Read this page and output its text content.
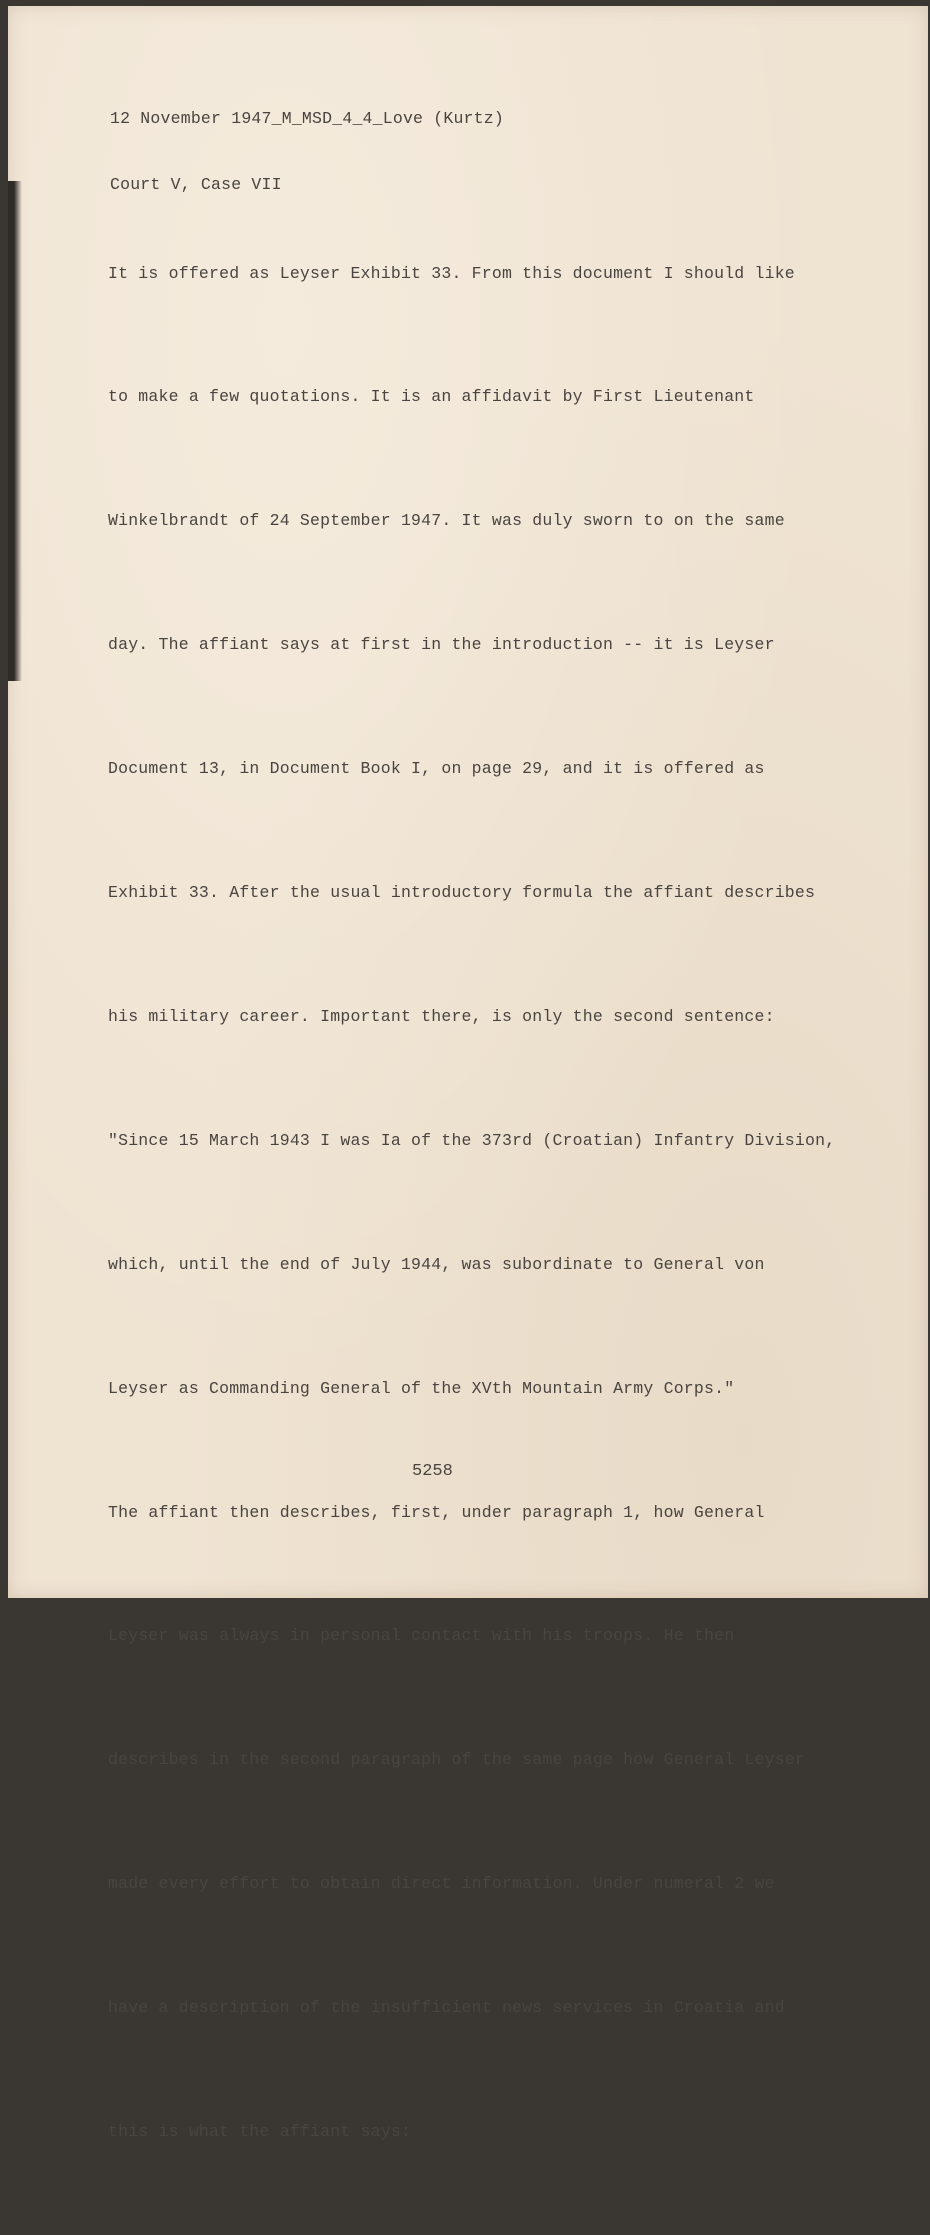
12 November 1947_M_MSD_4_4_Love (Kurtz)

Court V, Case VII

It is offered as Leyser Exhibit 33. From this document I should like

to make a few quotations. It is an affidavit by First Lieutenant

Winkelbrandt of 24 September 1947. It was duly sworn to on the same

day. The affiant says at first in the introduction -- it is Leyser

Document 13, in Document Book I, on page 29, and it is offered as

Exhibit 33. After the usual introductory formula the affiant describes

his military career. Important there, is only the second sentence:

"Since 15 March 1943 I was Ia of the 373rd (Croatian) Infantry Division,

which, until the end of July 1944, was subordinate to General von

Leyser as Commanding General of the XVth Mountain Army Corps."

The affiant then describes, first, under paragraph 1, how General

Leyser was always in personal contact with his troops. He then

describes in the second paragraph of the same page how General Leyser

made every effort to obtain direct information. Under numeral 2 we

have a description of the insufficient news services in Croatia and

this is what the affiant says:

5258
